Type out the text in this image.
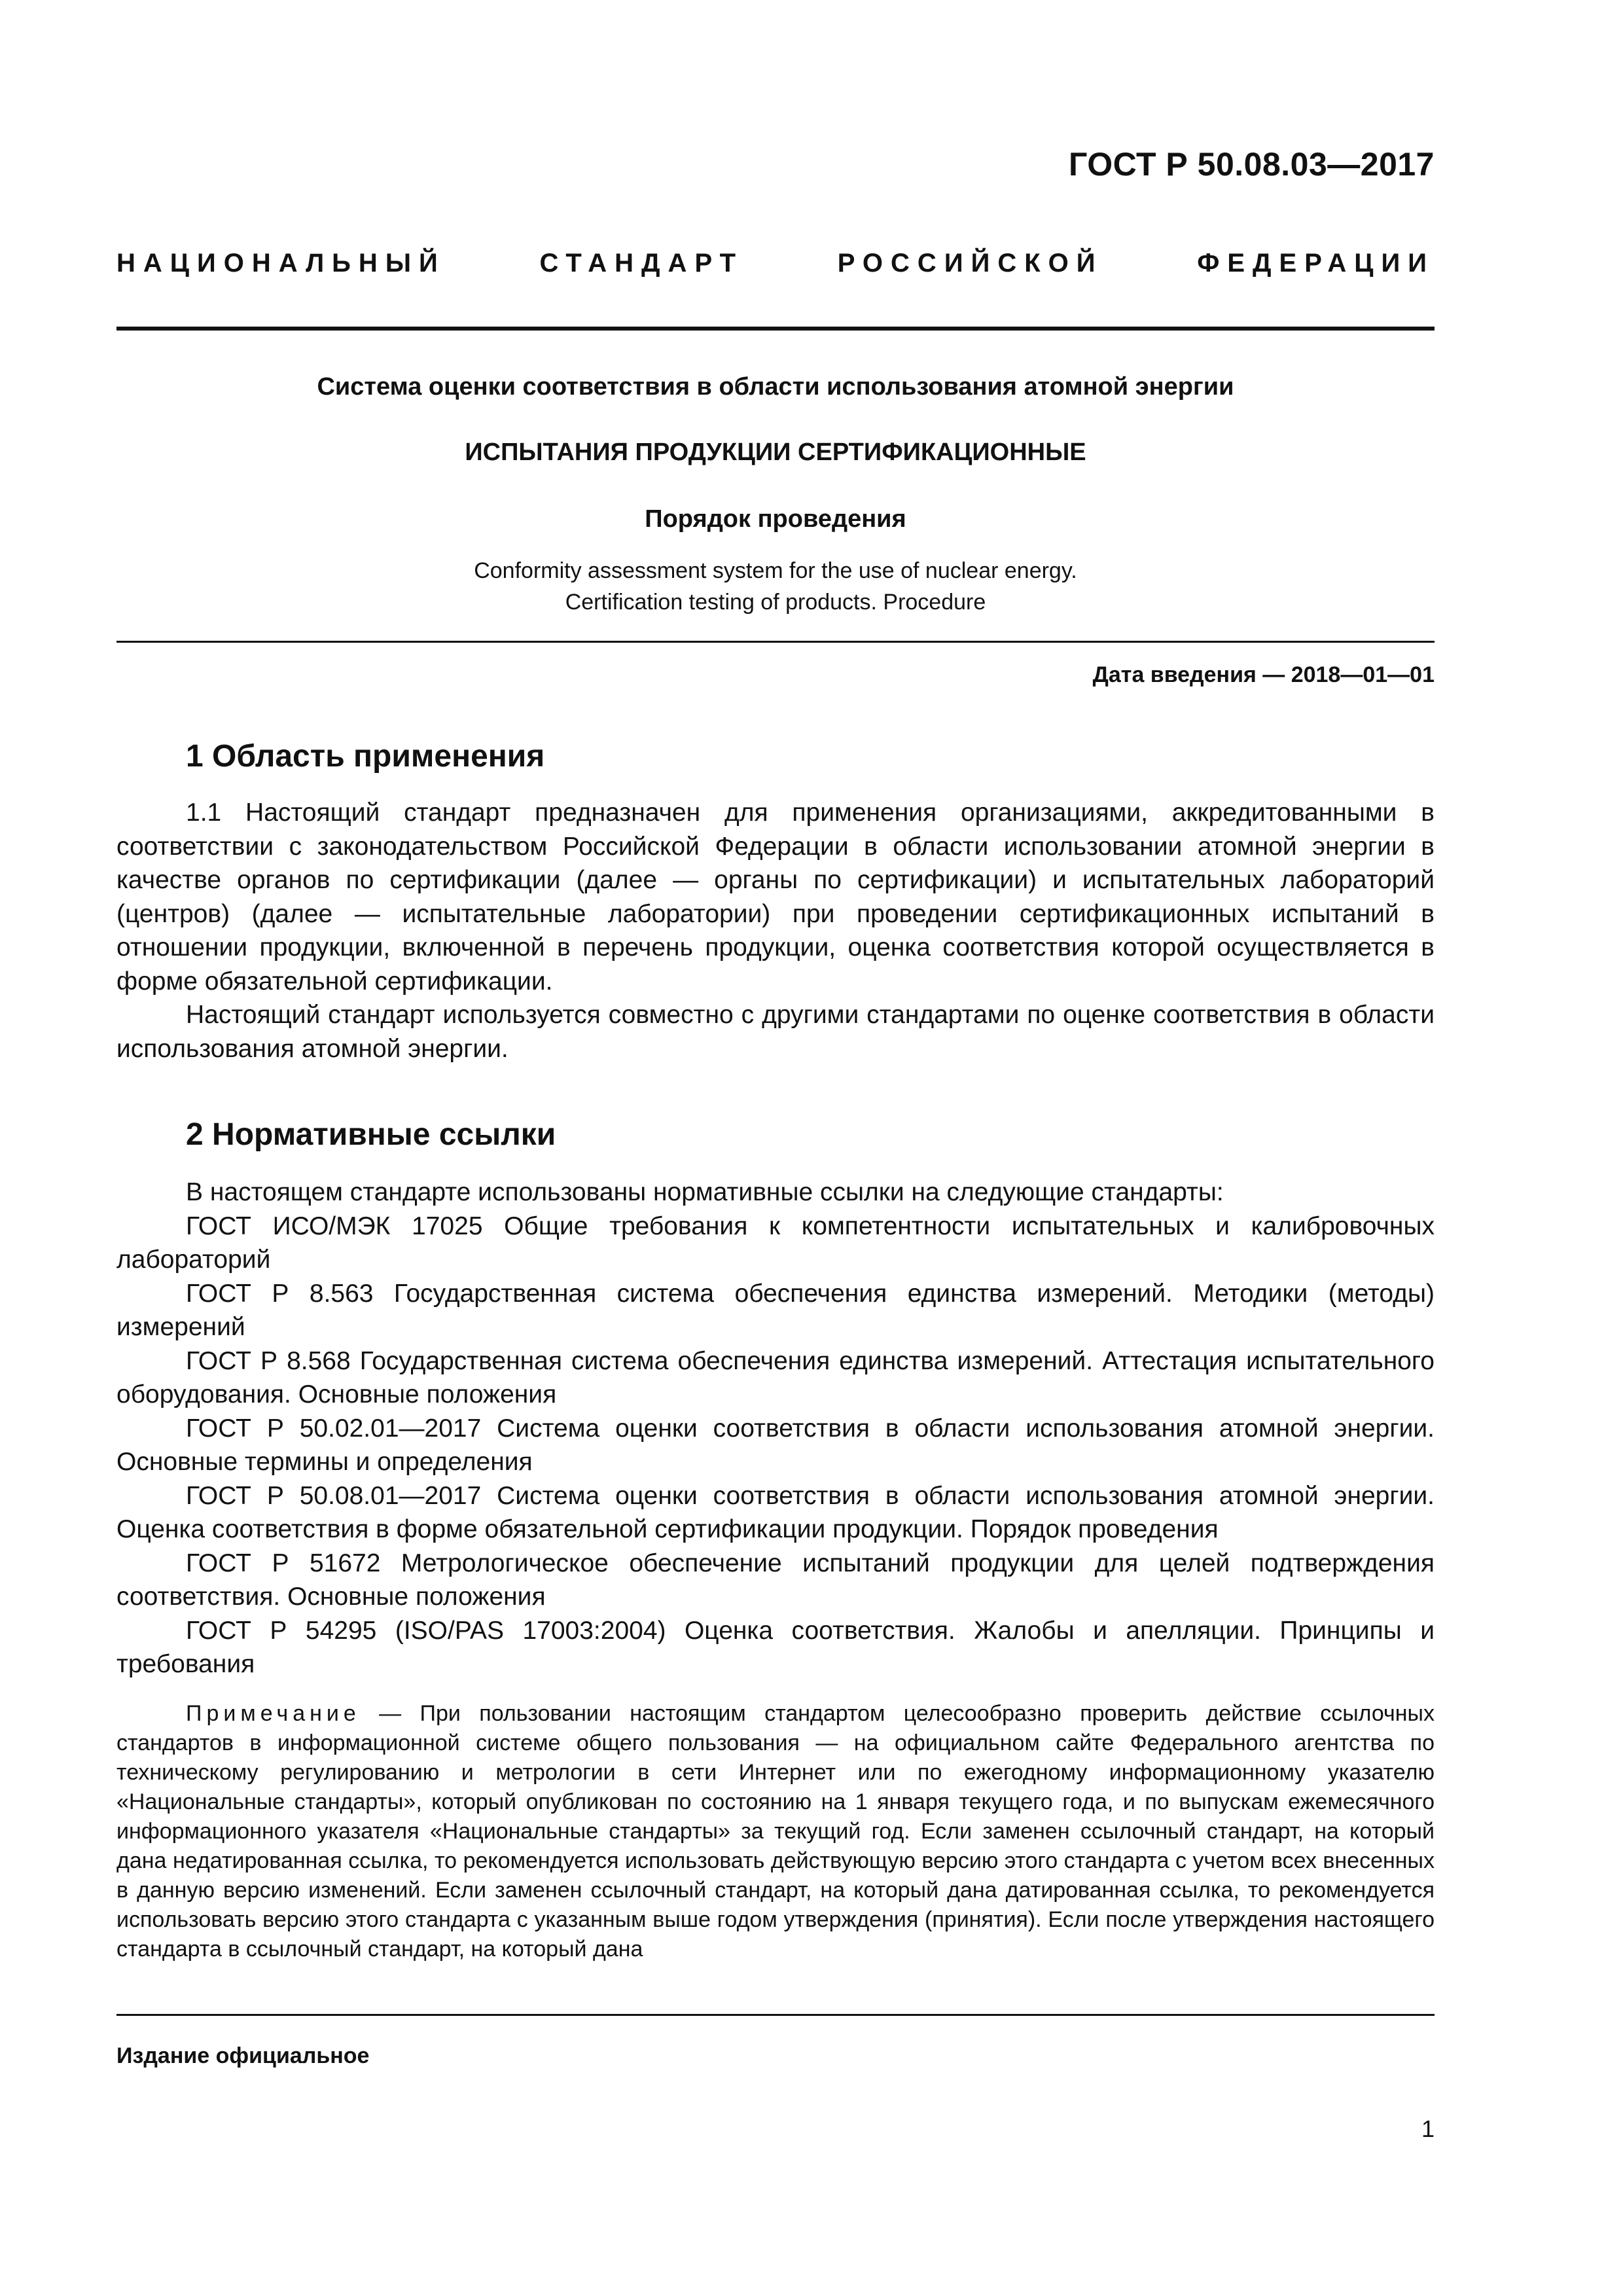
ГОСТ Р 50.08.03—2017
НАЦИОНАЛЬНЫЙ СТАНДАРТ РОССИЙСКОЙ ФЕДЕРАЦИИ
Система оценки соответствия в области использования атомной энергии
ИСПЫТАНИЯ ПРОДУКЦИИ СЕРТИФИКАЦИОННЫЕ
Порядок проведения
Conformity assessment system for the use of nuclear energy.
Certification testing of products. Procedure
Дата введения — 2018—01—01
1 Область применения

1.1 Настоящий стандарт предназначен для применения организациями, аккредитованными в соответствии с законодательством Российской Федерации в области использовании атомной энергии в качестве органов по сертификации (далее — органы по сертификации) и испытательных лабораторий (центров) (далее — испытательные лаборатории) при проведении сертификационных испытаний в отношении продукции, включенной в перечень продукции, оценка соответствия которой осуществляется в форме обязательной сертификации.

Настоящий стандарт используется совместно с другими стандартами по оценке соответствия в области использования атомной энергии.

2 Нормативные ссылки

В настоящем стандарте использованы нормативные ссылки на следующие стандарты:

ГОСТ ИСО/МЭК 17025 Общие требования к компетентности испытательных и калибровочных лабораторий

ГОСТ Р 8.563 Государственная система обеспечения единства измерений. Методики (методы) измерений

ГОСТ Р 8.568 Государственная система обеспечения единства измерений. Аттестация испытательного оборудования. Основные положения

ГОСТ Р 50.02.01—2017 Система оценки соответствия в области использования атомной энергии. Основные термины и определения

ГОСТ Р 50.08.01—2017 Система оценки соответствия в области использования атомной энергии. Оценка соответствия в форме обязательной сертификации продукции. Порядок проведения

ГОСТ Р 51672 Метрологическое обеспечение испытаний продукции для целей подтверждения соответствия. Основные положения

ГОСТ Р 54295 (ISO/PAS 17003:2004) Оценка соответствия. Жалобы и апелляции. Принципы и требования

Примечание — При пользовании настоящим стандартом целесообразно проверить действие ссылочных стандартов в информационной системе общего пользования — на официальном сайте Федерального агентства по техническому регулированию и метрологии в сети Интернет или по ежегодному информационному указателю «Национальные стандарты», который опубликован по состоянию на 1 января текущего года, и по выпускам ежемесячного информационного указателя «Национальные стандарты» за текущий год. Если заменен ссылочный стандарт, на который дана недатированная ссылка, то рекомендуется использовать действующую версию этого стандарта с учетом всех внесенных в данную версию изменений. Если заменен ссылочный стандарт, на который дана датированная ссылка, то рекомендуется использовать версию этого стандарта с указанным выше годом утверждения (принятия). Если после утверждения настоящего стандарта в ссылочный стандарт, на который дана

Издание официальное
1
